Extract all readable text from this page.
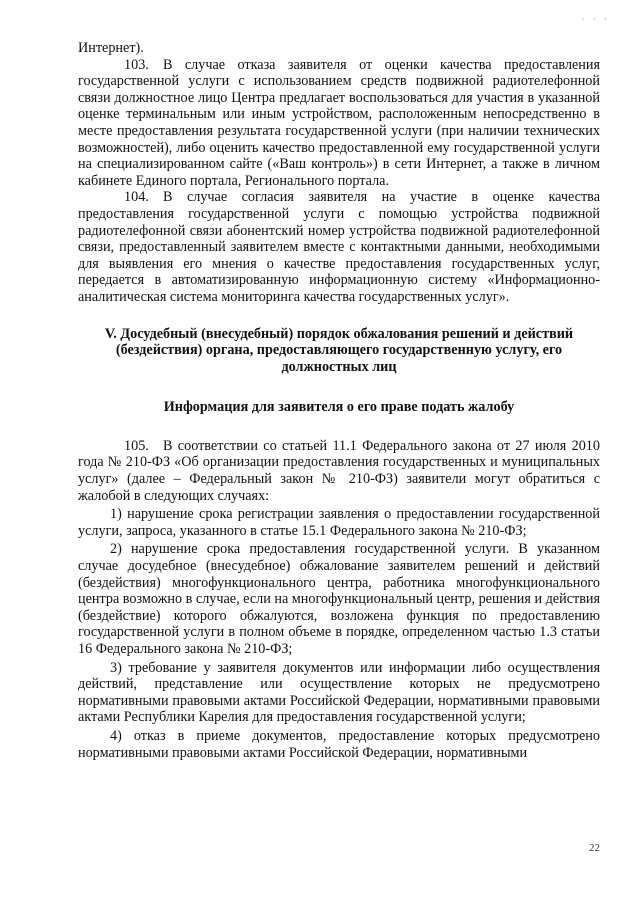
· · ·

Интернет).

103. В случае отказа заявителя от оценки качества предоставления государственной услуги с использованием средств подвижной радиотелефонной связи должностное лицо Центра предлагает воспользоваться для участия в указанной оценке терминальным или иным устройством, расположенным непосредственно в месте предоставления результата государственной услуги (при наличии технических возможностей), либо оценить качество предоставленной ему государственной услуги на специализированном сайте («Ваш контроль») в сети Интернет, а также в личном кабинете Единого портала, Регионального портала.

104. В случае согласия заявителя на участие в оценке качества предоставления государственной услуги с помощью устройства подвижной радиотелефонной связи абонентский номер устройства подвижной радиотелефонной связи, предоставленный заявителем вместе с контактными данными, необходимыми для выявления его мнения о качестве предоставления государственных услуг, передается в автоматизированную информационную систему «Информационно-аналитическая система мониторинга качества государственных услуг».

V. Досудебный (внесудебный) порядок обжалования решений и действий (бездействия) органа, предоставляющего государственную услугу, его должностных лиц

Информация для заявителя о его праве подать жалобу

105. В соответствии со статьей 11.1 Федерального закона от 27 июля 2010 года № 210-ФЗ «Об организации предоставления государственных и муниципальных услуг» (далее – Федеральный закон № 210-ФЗ) заявители могут обратиться с жалобой в следующих случаях:

1) нарушение срока регистрации заявления о предоставлении государственной услуги, запроса, указанного в статье 15.1 Федерального закона № 210-ФЗ;

2) нарушение срока предоставления государственной услуги. В указанном случае досудебное (внесудебное) обжалование заявителем решений и действий (бездействия) многофункционального центра, работника многофункционального центра возможно в случае, если на многофункциональный центр, решения и действия (бездействие) которого обжалуются, возложена функция по предоставлению государственной услуги в полном объеме в порядке, определенном частью 1.3 статьи 16 Федерального закона № 210-ФЗ;

3) требование у заявителя документов или информации либо осуществления действий, представление или осуществление которых не предусмотрено нормативными правовыми актами Российской Федерации, нормативными правовыми актами Республики Карелия для предоставления государственной услуги;

4) отказ в приеме документов, предоставление которых предусмотрено нормативными правовыми актами Российской Федерации, нормативными

22
